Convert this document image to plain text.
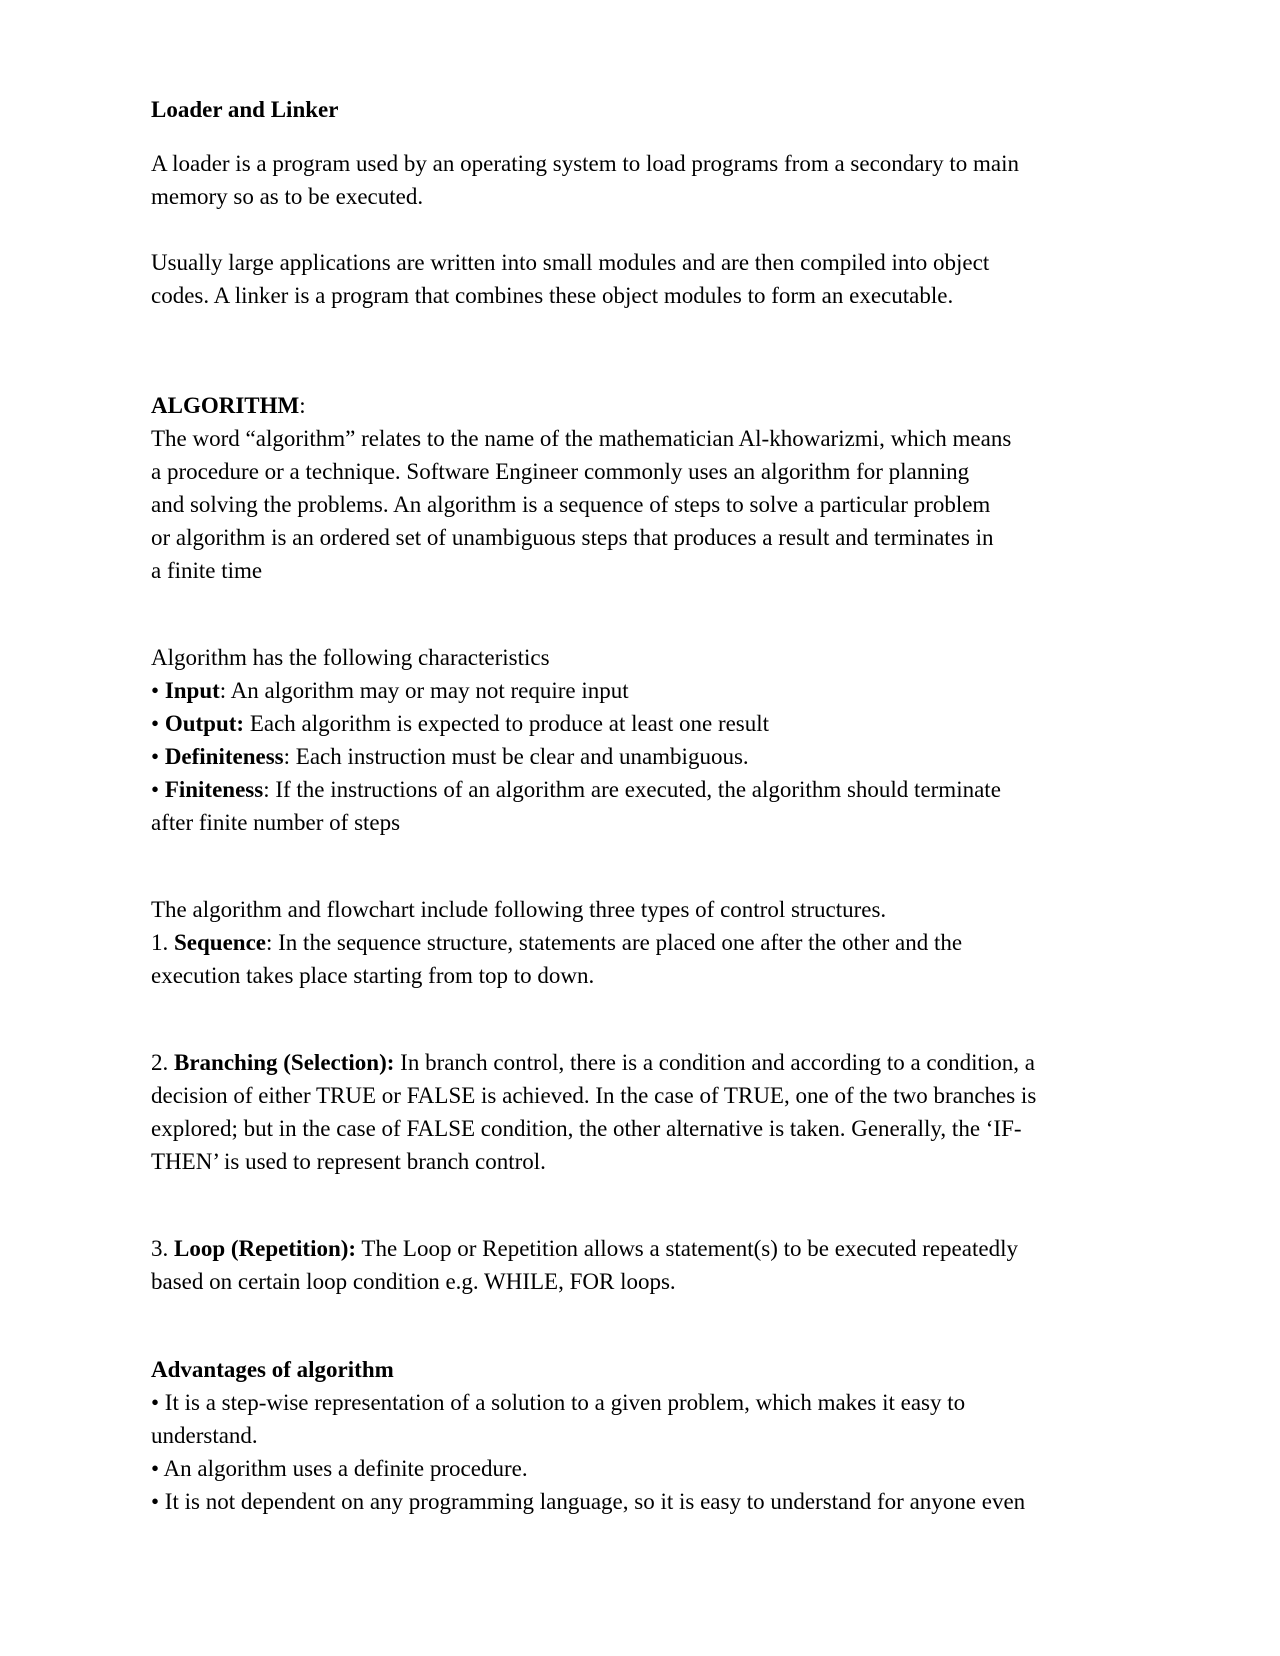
Loader and Linker
A loader is a program used by an operating system to load programs from a secondary to main
memory so as to be executed.
Usually large applications are written into small modules and are then compiled into object
codes. A linker is a program that combines these object modules to form an executable.
ALGORITHM:
The word “algorithm” relates to the name of the mathematician Al-khowarizmi, which means
a procedure or a technique. Software Engineer commonly uses an algorithm for planning
and solving the problems. An algorithm is a sequence of steps to solve a particular problem
or algorithm is an ordered set of unambiguous steps that produces a result and terminates in
a finite time
Algorithm has the following characteristics
• Input: An algorithm may or may not require input
• Output: Each algorithm is expected to produce at least one result
• Definiteness: Each instruction must be clear and unambiguous.
• Finiteness: If the instructions of an algorithm are executed, the algorithm should terminate
after finite number of steps
The algorithm and flowchart include following three types of control structures.
1. Sequence: In the sequence structure, statements are placed one after the other and the
execution takes place starting from top to down.
2. Branching (Selection): In branch control, there is a condition and according to a condition, a
decision of either TRUE or FALSE is achieved. In the case of TRUE, one of the two branches is
explored; but in the case of FALSE condition, the other alternative is taken. Generally, the ‘IF-
THEN’ is used to represent branch control.
3. Loop (Repetition): The Loop or Repetition allows a statement(s) to be executed repeatedly
based on certain loop condition e.g. WHILE, FOR loops.
Advantages of algorithm
• It is a step-wise representation of a solution to a given problem, which makes it easy to
understand.
• An algorithm uses a definite procedure.
• It is not dependent on any programming language, so it is easy to understand for anyone even
